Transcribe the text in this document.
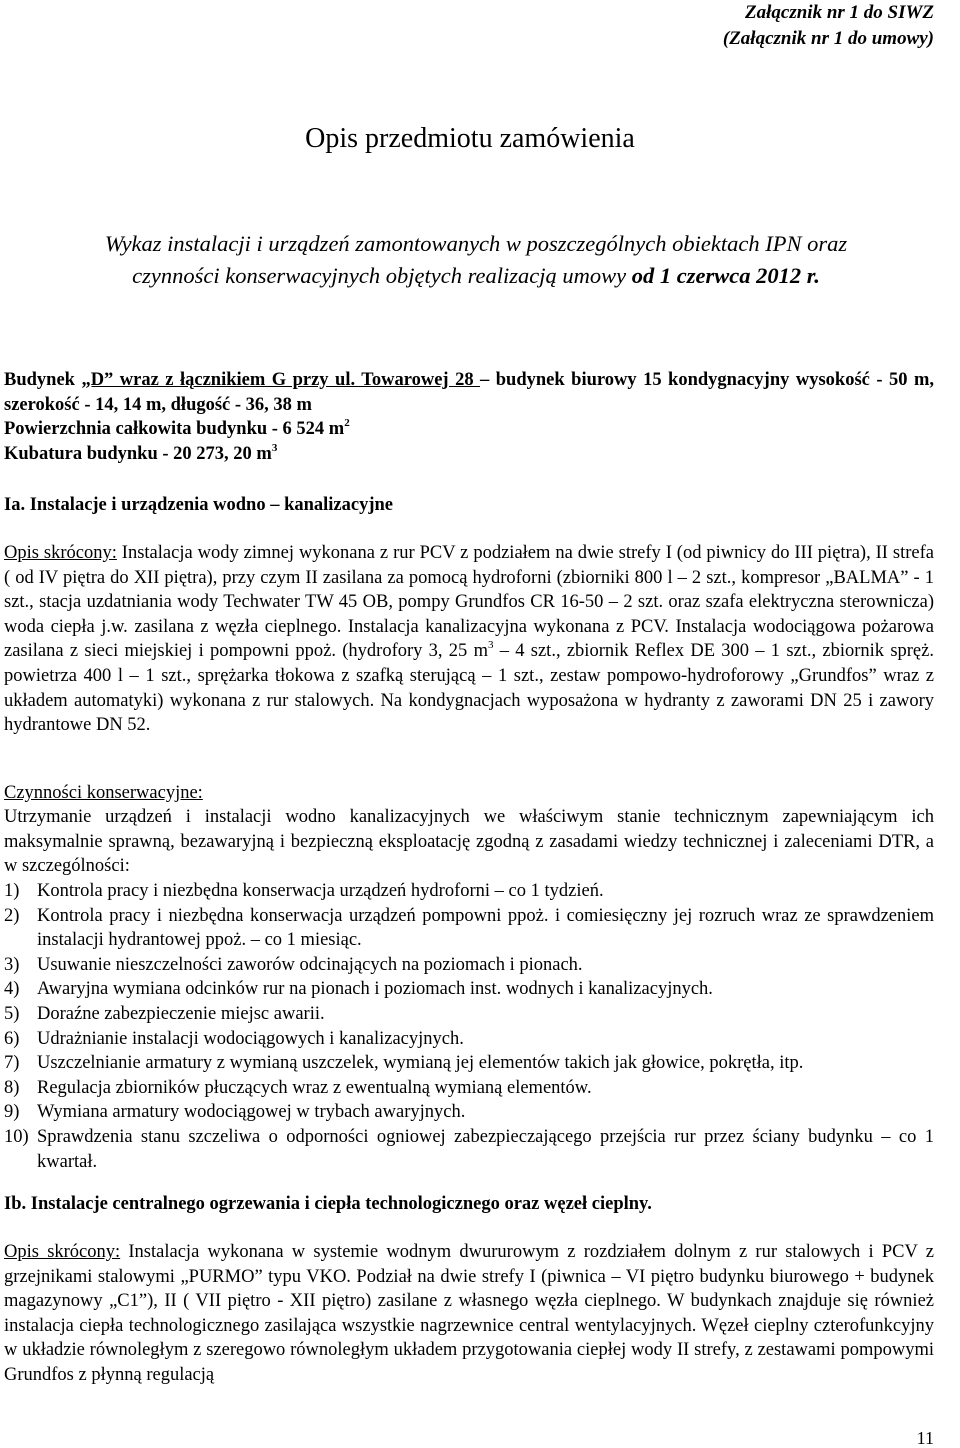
Załącznik nr 1 do SIWZ
(Załącznik nr 1 do umowy)
Opis przedmiotu zamówienia
Wykaz instalacji i urządzeń zamontowanych w poszczególnych obiektach IPN oraz
czynności konserwacyjnych objętych realizacją umowy od 1 czerwca 2012 r.
Budynek „D” wraz z łącznikiem G przy ul. Towarowej 28 – budynek biurowy 15 kondygnacyjny wysokość - 50 m, szerokość - 14, 14 m, długość - 36, 38 m
Powierzchnia całkowita budynku - 6 524 $m^2$
Kubatura budynku - 20 273, 20 $m^3$
Ia. Instalacje i urządzenia wodno – kanalizacyjne
Opis skrócony: Instalacja wody zimnej wykonana z rur PCV z podziałem na dwie strefy I (od piwnicy do III piętra), II strefa ( od IV piętra do XII piętra), przy czym II zasilana za pomocą hydroforni (zbiorniki 800 l – 2 szt., kompresor „BALMA” - 1 szt., stacja uzdatniania wody Techwater TW 45 OB, pompy Grundfos CR 16-50 – 2 szt. oraz szafa elektryczna sterownicza) woda ciepła j.w. zasilana z węzła cieplnego. Instalacja kanalizacyjna wykonana z PCV. Instalacja wodociągowa pożarowa zasilana z sieci miejskiej i pompowni ppoż. (hydrofory 3, 25 $m^3 - 4$ szt., zbiornik Reflex DE 300 – 1 szt., zbiornik spręż. powietrza 400 l – 1 szt., sprężarka tłokowa z szafką sterującą – 1 szt., zestaw pompowo-hydroforowy „Grundfos” wraz z układem automatyki) wykonana z rur stalowych. Na kondygnacjach wyposażona w hydranty z zaworami DN 25 i zawory hydrantowe DN 52.
Czynności konserwacyjne:
Utrzymanie urządzeń i instalacji wodno kanalizacyjnych we właściwym stanie technicznym zapewniającym ich maksymalnie sprawną, bezawaryjną i bezpieczną eksploatację zgodną z zasadami wiedzy technicznej i zaleceniami DTR, a w szczególności:
1) Kontrola pracy i niezbędna konserwacja urządzeń hydroforni – co 1 tydzień.
2) Kontrola pracy i niezbędna konserwacja urządzeń pompowni ppoż. i comiesięczny jej rozruch wraz ze sprawdzeniem instalacji hydrantowej ppoż. – co 1 miesiąc.
3) Usuwanie nieszczelności zaworów odcinających na poziomach i pionach.
4) Awaryjna wymiana odcinków rur na pionach i poziomach inst. wodnych i kanalizacyjnych.
5) Doraźne zabezpieczenie miejsc awarii.
6) Udrażnianie instalacji wodociągowych i kanalizacyjnych.
7) Uszczelnianie armatury z wymianą uszczelek, wymianą jej elementów takich jak głowice, pokrętła, itp.
8) Regulacja zbiorników płuczących wraz z ewentualną wymianą elementów.
9) Wymiana armatury wodociągowej w trybach awaryjnych.
10) Sprawdzenia stanu szczeliwa o odporności ogniowej zabezpieczającego przejścia rur przez ściany budynku – co 1 kwartał.
Ib. Instalacje centralnego ogrzewania i ciepła technologicznego oraz węzeł cieplny.
Opis skrócony: Instalacja wykonana w systemie wodnym dwururowym z rozdziałem dolnym z rur stalowych i PCV z grzejnikami stalowymi „PURMO” typu VKO. Podział na dwie strefy I (piwnica – VI piętro budynku biurowego + budynek magazynowy „C1”), II ( VII piętro - XII piętro) zasilane z własnego węzła cieplnego. W budynkach znajduje się również instalacja ciepła technologicznego zasilająca wszystkie nagrzewnice central wentylacyjnych. Węzeł cieplny czterofunkcyjny w układzie równoległym z szeregowo równoległym układem przygotowania ciepłej wody II strefy, z zestawami pompowymi Grundfos z płynną regulacją
11
